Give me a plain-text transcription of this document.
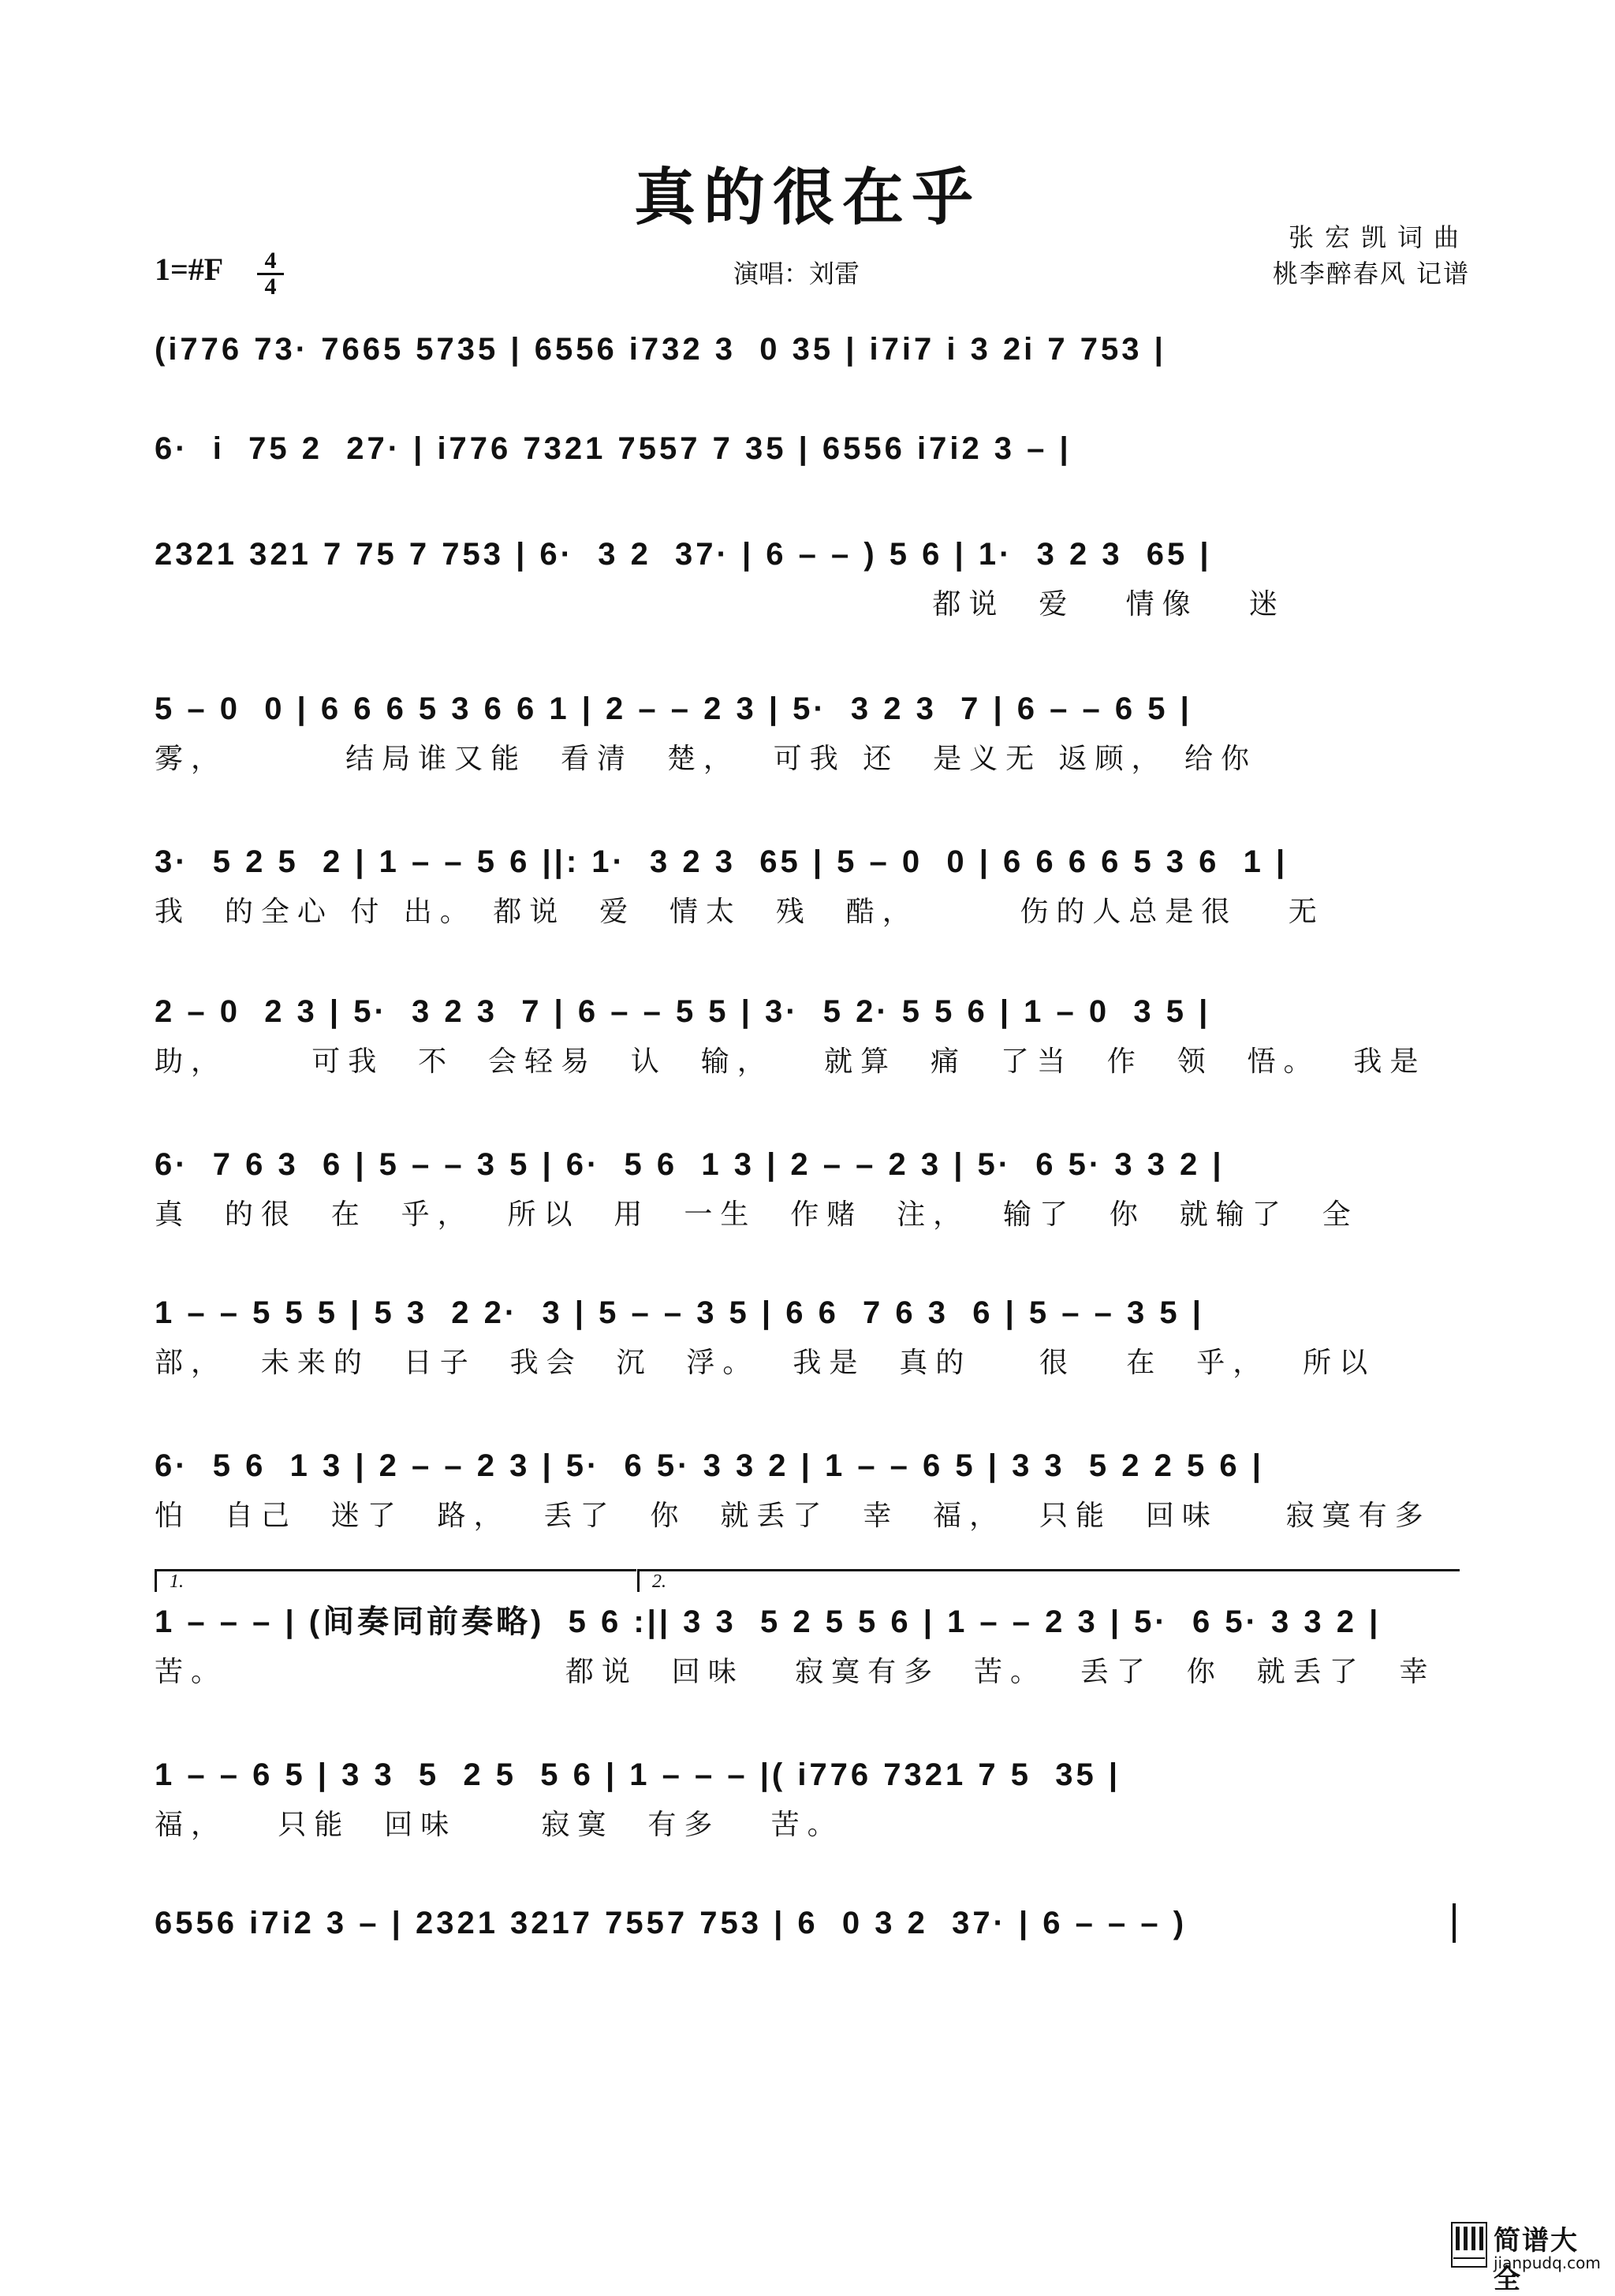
真的很在乎
1=#F	4
4	演唱：刘雷
张宏凯词曲
桃李醉春风 记谱
(i776 73· 7665 5735 | 6556 i732 3  0 35 | i7i7 i 3 2i 7 753 |
6·  i  75 2  27· | i776 7321 7557 7 35 | 6556 i7i2 3 – |
2321 321 7 75 7 753 | 6·  3 2  37· | 6 – – ) 5 6 | 1·  3 2 3  65 |
都说  爱   情像   迷
5 – 0  0 | 6 6 6 5 3 6 6 1 | 2 – – 2 3 | 5·  3 2 3  7 | 6 – – 6 5 |
雾，       结局谁又能  看清  楚，  可我 还  是义无 返顾， 给你
3·  5 2 5  2 | 1 – – 5 6 ||: 1·  3 2 3  65 | 5 – 0  0 | 6 6 6 6 5 3 6  1 |
我  的全心 付 出。 都说  爱  情太  残  酷，      伤的人总是很   无
2 – 0  2 3 | 5·  3 2 3  7 | 6 – – 5 5 | 3·  5 2· 5 5 6 | 1 – 0  3 5 |
助，     可我  不  会轻易  认  输，   就算  痛  了当  作  领  悟。  我是
6·  7 6 3  6 | 5 – – 3 5 | 6·  5 6  1 3 | 2 – – 2 3 | 5·  6 5· 3 3 2 |
真  的很  在  乎，  所以  用  一生  作赌  注，  输了  你  就输了  全
1 – – 5 5 5 | 5 3  2 2·  3 | 5 – – 3 5 | 6 6  7 6 3  6 | 5 – – 3 5 |
部，  未来的  日子  我会  沉  浮。  我是  真的    很   在  乎，  所以
6·  5 6  1 3 | 2 – – 2 3 | 5·  6 5· 3 3 2 | 1 – – 6 5 | 3 3  5 2 2 5 6 |
怕  自己  迷了  路，  丢了  你  就丢了  幸  福，  只能  回味    寂寞有多
1.	2.
1 – – – | (间奏同前奏略)  5 6 :|| 3 3  5 2 5 5 6 | 1 – – 2 3 | 5·  6 5· 3 3 2 |
苦。                    都说  回味   寂寞有多  苦。  丢了  你  就丢了  幸
1 – – 6 5 | 3 3  5  2 5  5 6 | 1 – – – |( i776 7321 7 5  35 |
福，   只能  回味     寂寞  有多   苦。
6556 i7i2 3 – | 2321 3217 7557 753 | 6  0 3 2  37· | 6 – – – )
简谱大全
jianpudq.com
